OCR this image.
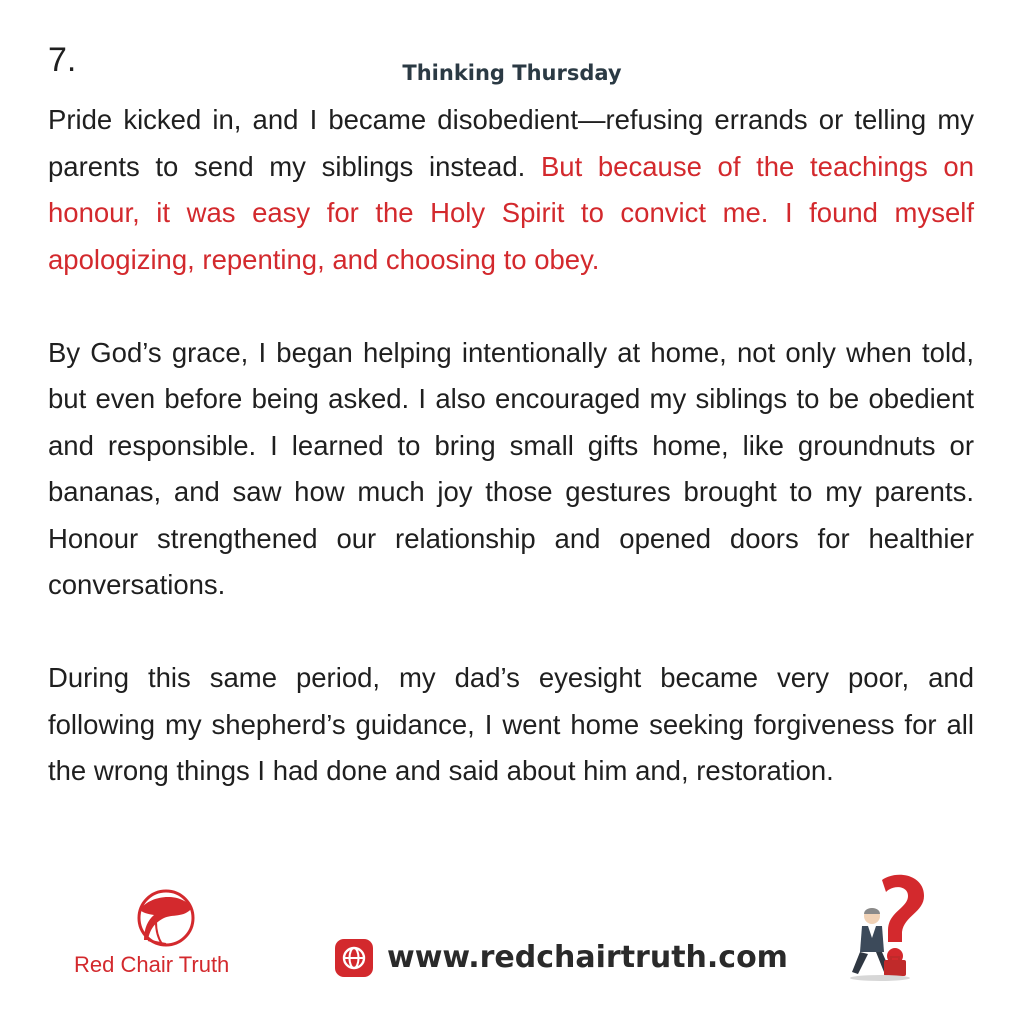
7.	Thinking Thursday

Pride kicked in, and I became disobedient—refusing errands or telling my parents to send my siblings instead. But because of the teachings on honour, it was easy for the Holy Spirit to convict me. I found myself apologizing, repenting, and choosing to obey.

By God’s grace, I began helping intentionally at home, not only when told, but even before being asked. I also encouraged my siblings to be obedient and responsible. I learned to bring small gifts home, like groundnuts or bananas, and saw how much joy those gestures brought to my parents. Honour strengthened our relationship and opened doors for healthier conversations.

During this same period, my dad’s eyesight became very poor, and following my shepherd’s guidance, I went home seeking forgiveness for all the wrong things I had done and said about him and, restoration.

Red Chair Truth	www.redchairtruth.com
